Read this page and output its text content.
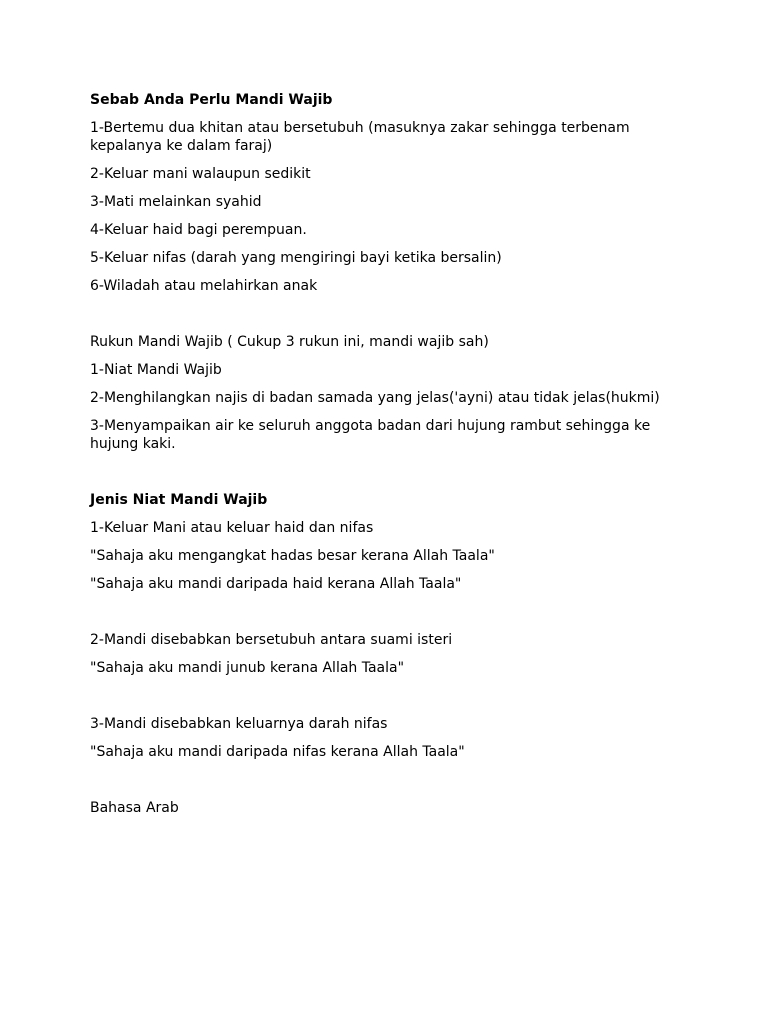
Sebab Anda Perlu Mandi Wajib
1-Bertemu dua khitan atau bersetubuh (masuknya zakar sehingga terbenam kepalanya ke dalam faraj)
2-Keluar mani walaupun sedikit
3-Mati melainkan syahid
4-Keluar haid bagi perempuan.
5-Keluar nifas (darah yang mengiringi bayi ketika bersalin)
6-Wiladah atau melahirkan anak
Rukun Mandi Wajib ( Cukup 3 rukun ini, mandi wajib sah)
1-Niat Mandi Wajib
2-Menghilangkan najis di badan samada yang jelas('ayni) atau tidak jelas(hukmi)
3-Menyampaikan air ke seluruh anggota badan dari hujung rambut sehingga ke hujung kaki.
Jenis Niat Mandi Wajib
1-Keluar Mani atau keluar haid dan nifas
"Sahaja aku mengangkat hadas besar kerana Allah Taala"
"Sahaja aku mandi daripada haid kerana Allah Taala"
2-Mandi disebabkan bersetubuh antara suami isteri
"Sahaja aku mandi junub kerana Allah Taala"
3-Mandi disebabkan keluarnya darah nifas
"Sahaja aku mandi daripada nifas kerana Allah Taala"
Bahasa Arab
